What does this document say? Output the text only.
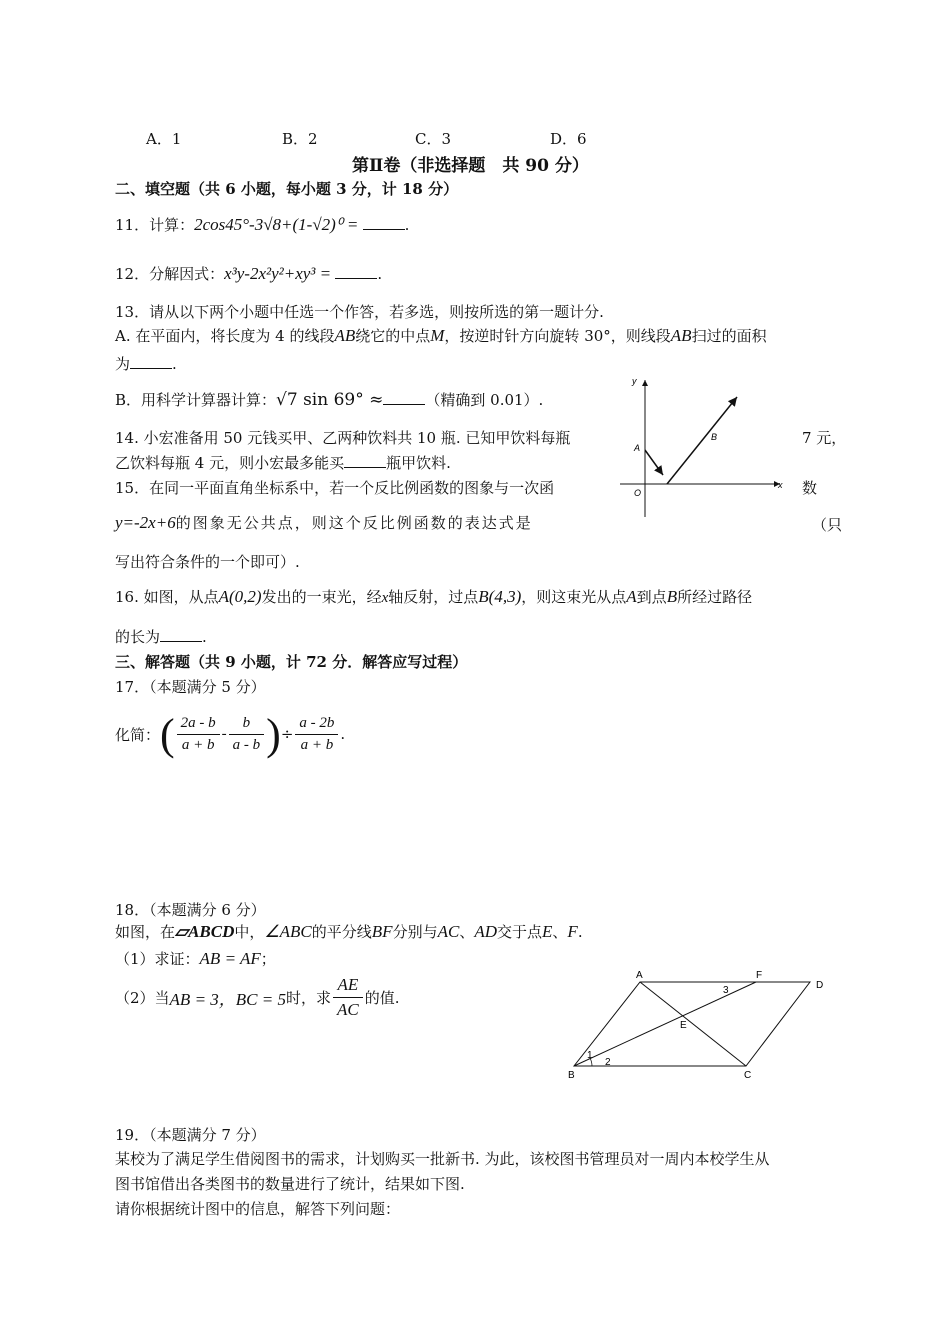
A．1	B．2	C．3	D．6
第Ⅱ卷（非选择题　共 90 分）
二、填空题（共 6 小题，每小题 3 分，计 18 分）
11．计算：2cos45°-3√8+(1-√2)⁰ =	.
12．分解因式：x³y-2x²y²+xy³ =	.
13．请从以下两个小题中任选一个作答，若多选，则按所选的第一题计分.
A. 在平面内，将长度为 4 的线段AB绕它的中点M，按逆时针方向旋转 30°，则线段AB扫过的面积
为	.
B．用科学计算器计算：√7 sin 69° ≈	（精确到 0.01）.
14. 小宏准备用 50 元钱买甲、乙两种饮料共 10 瓶. 已知甲饮料每瓶	7 元，
乙饮料每瓶 4 元，则小宏最多能买	瓶甲饮料.
15．在同一平面直角坐标系中，若一个反比例函数的图象与一次函	数
y=-2x+6的图象无公共点，则这个反比例函数的表达式是	（只
写出符合条件的一个即可）.
y
x
O
A
B
16. 如图，从点A(0,2)发出的一束光，经x轴反射，过点B(4,3)，则这束光从点A到点B所经过路径
的长为	.
三、解答题（共 9 小题，计 72 分．解答应写过程）
17．（本题满分 5 分）
化简： ( $\frac{2a - b}{a + b} - \frac{b}{a - b}$ ) ÷ $\frac{a - 2b}{a + b}$ .
18．（本题满分 6 分）
如图，在▱ABCD中，∠ABC的平分线BF分别与AC、AD交于点E、F.
（1）求证：AB = AF；
（2）当 AB = 3，BC = 5 时，求 $\frac{AE}{AC}$ 的值.
A
B	C
D
E
F
1
2
3
19．（本题满分 7 分）
某校为了满足学生借阅图书的需求，计划购买一批新书. 为此，该校图书管理员对一周内本校学生从
图书馆借出各类图书的数量进行了统计，结果如下图.
请你根据统计图中的信息，解答下列问题：
